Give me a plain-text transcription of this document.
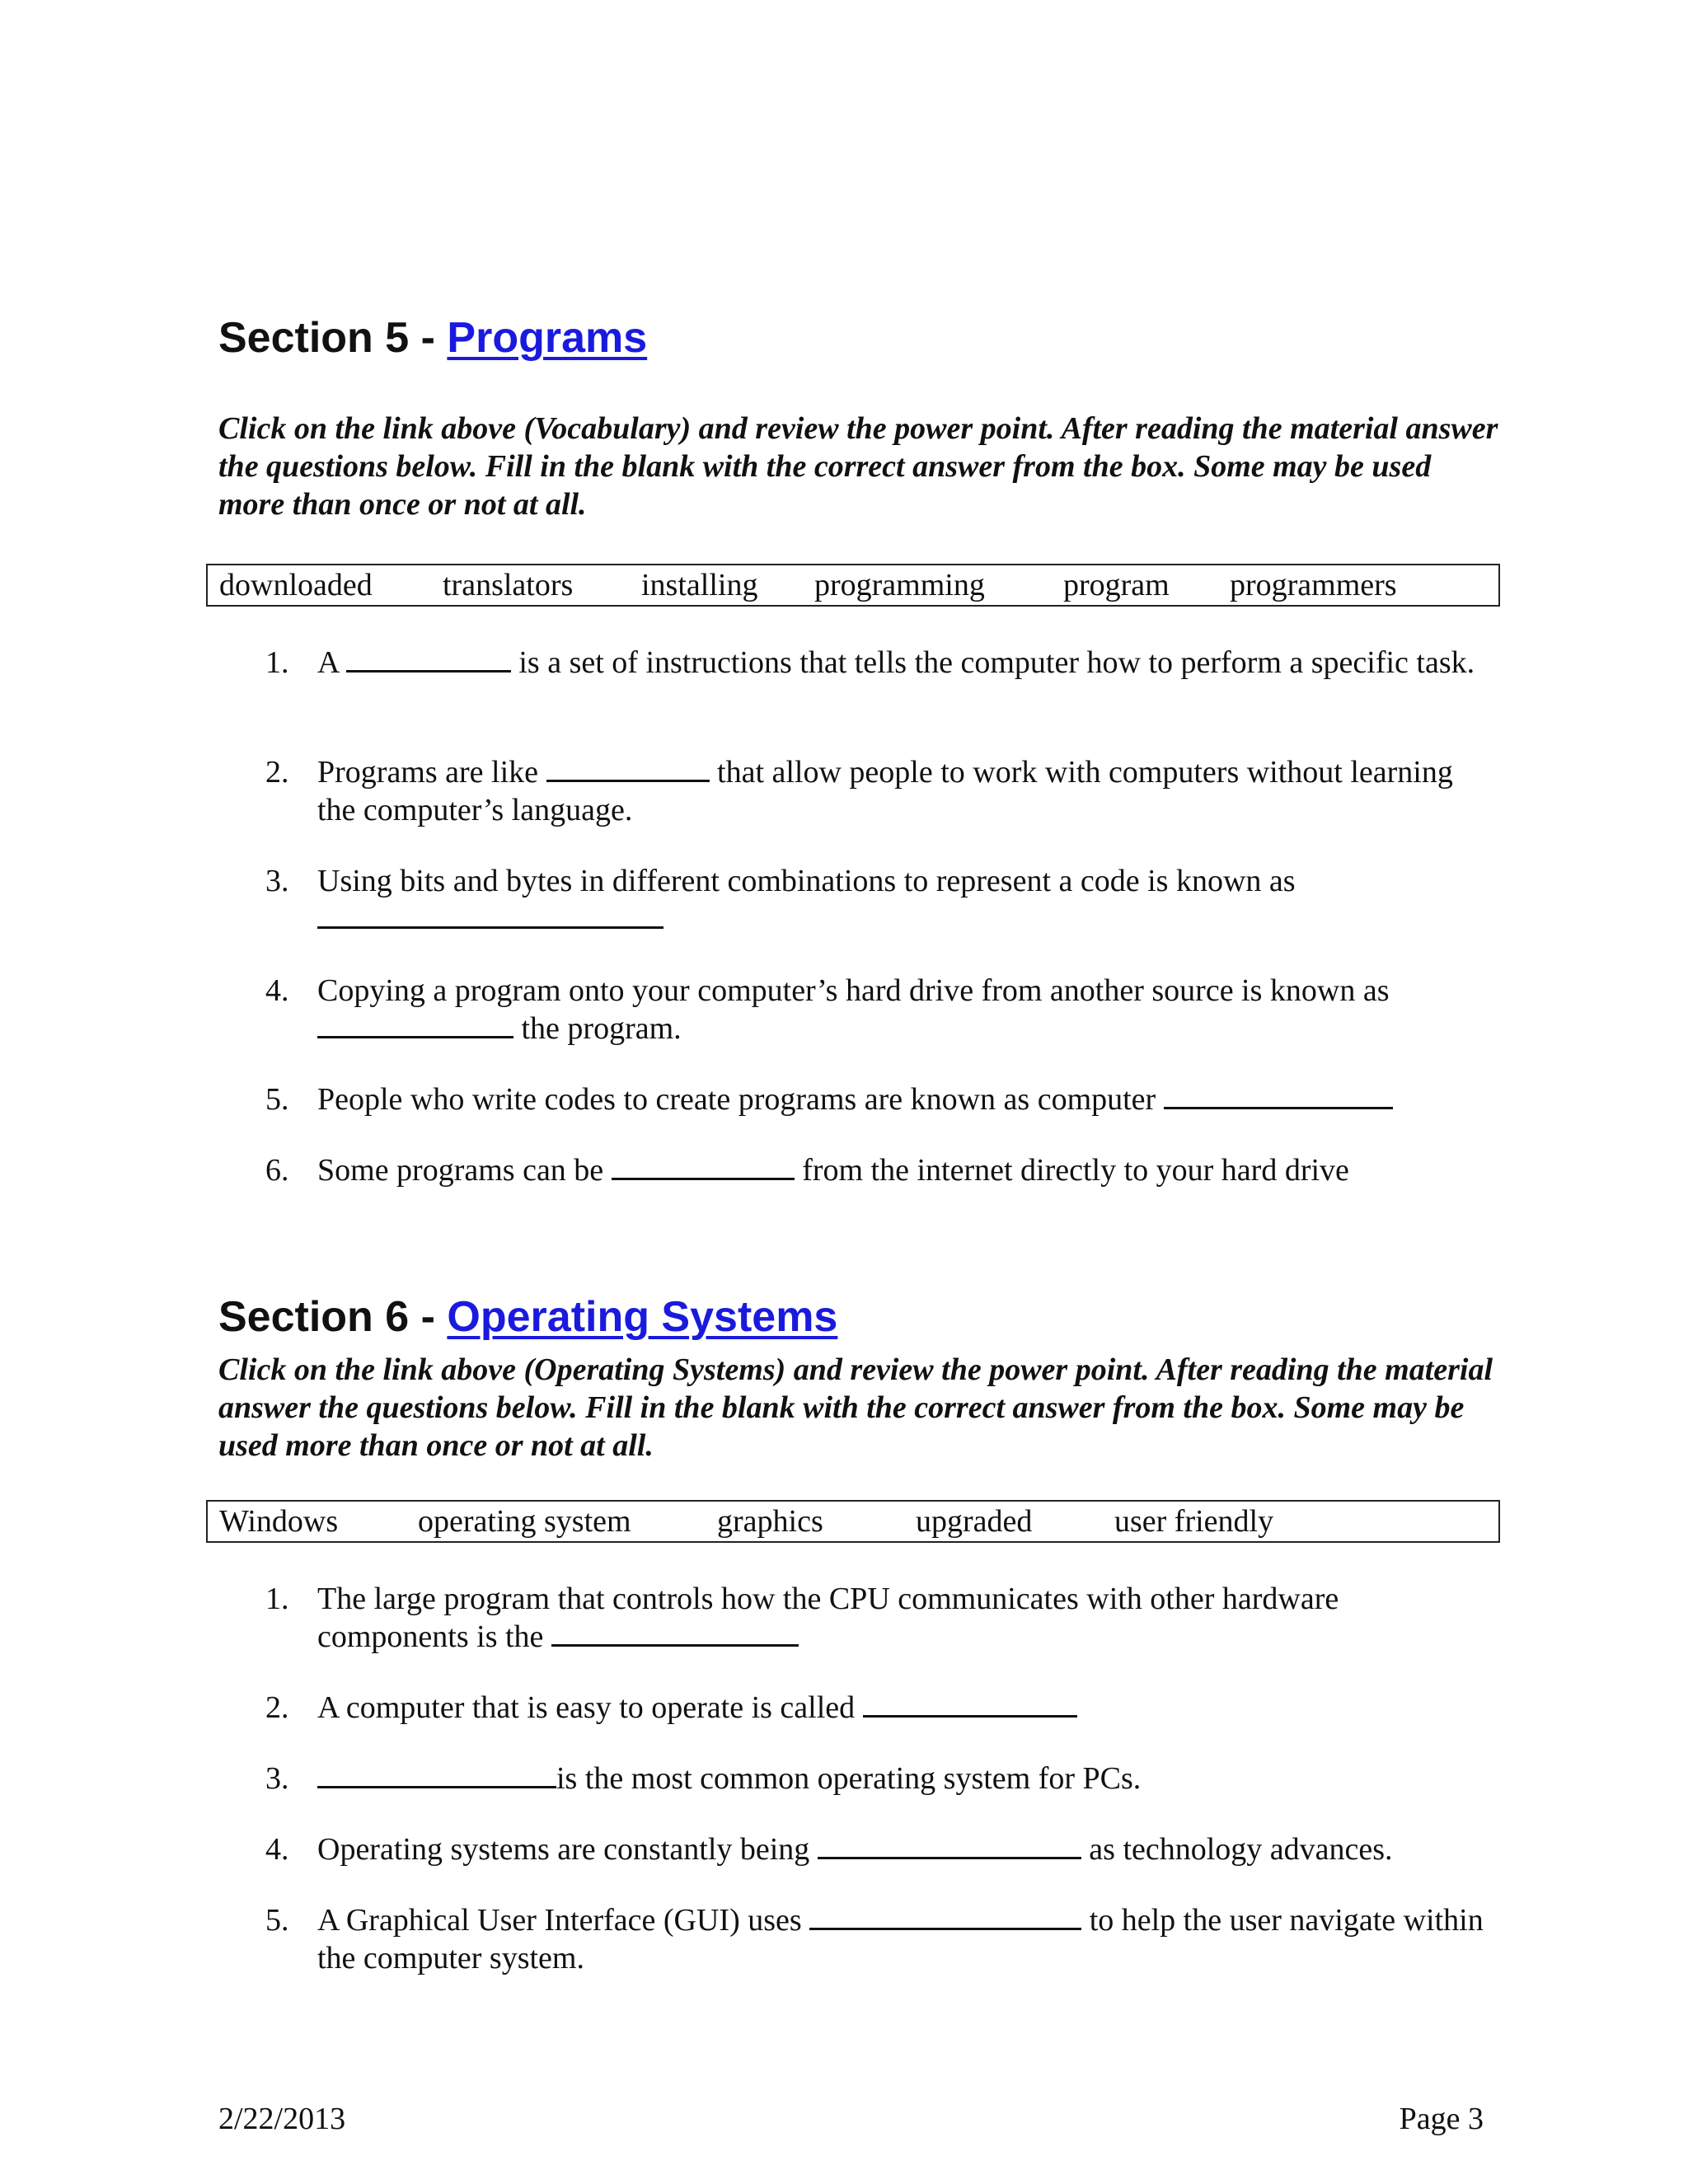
Section 5 - Programs

Click on the link above (Vocabulary) and review the power point. After reading the material answer the questions below. Fill in the blank with the correct answer from the box. Some may be used more than once or not at all.

downloaded translators installing programming	program programmers
1. A	is a set of instructions that tells the computer how to perform a specific task.
2. Programs are like	that allow people to work with computers without learning the computer’s language.
3. Using bits and bytes in different combinations to represent a code is known as

4. Copying a program onto your computer’s hard drive from another source is known as
the program.
5. People who write codes to create programs are known as computer
6. Some programs can be	from the internet directly to your hard drive
Section 6 - Operating Systems

Click on the link above (Operating Systems) and review the power point. After reading the material answer the questions below. Fill in the blank with the correct answer from the box. Some may be used more than once or not at all.

Windows	operating system	graphics	upgraded	user friendly
1. The large program that controls how the CPU communicates with other hardware components is the
2. A computer that is easy to operate is called
3.	is the most common operating system for PCs.
4. Operating systems are constantly being	as technology advances.
5. A Graphical User Interface (GUI) uses	to help the user navigate within the computer system.
2/22/2013	Page 3
